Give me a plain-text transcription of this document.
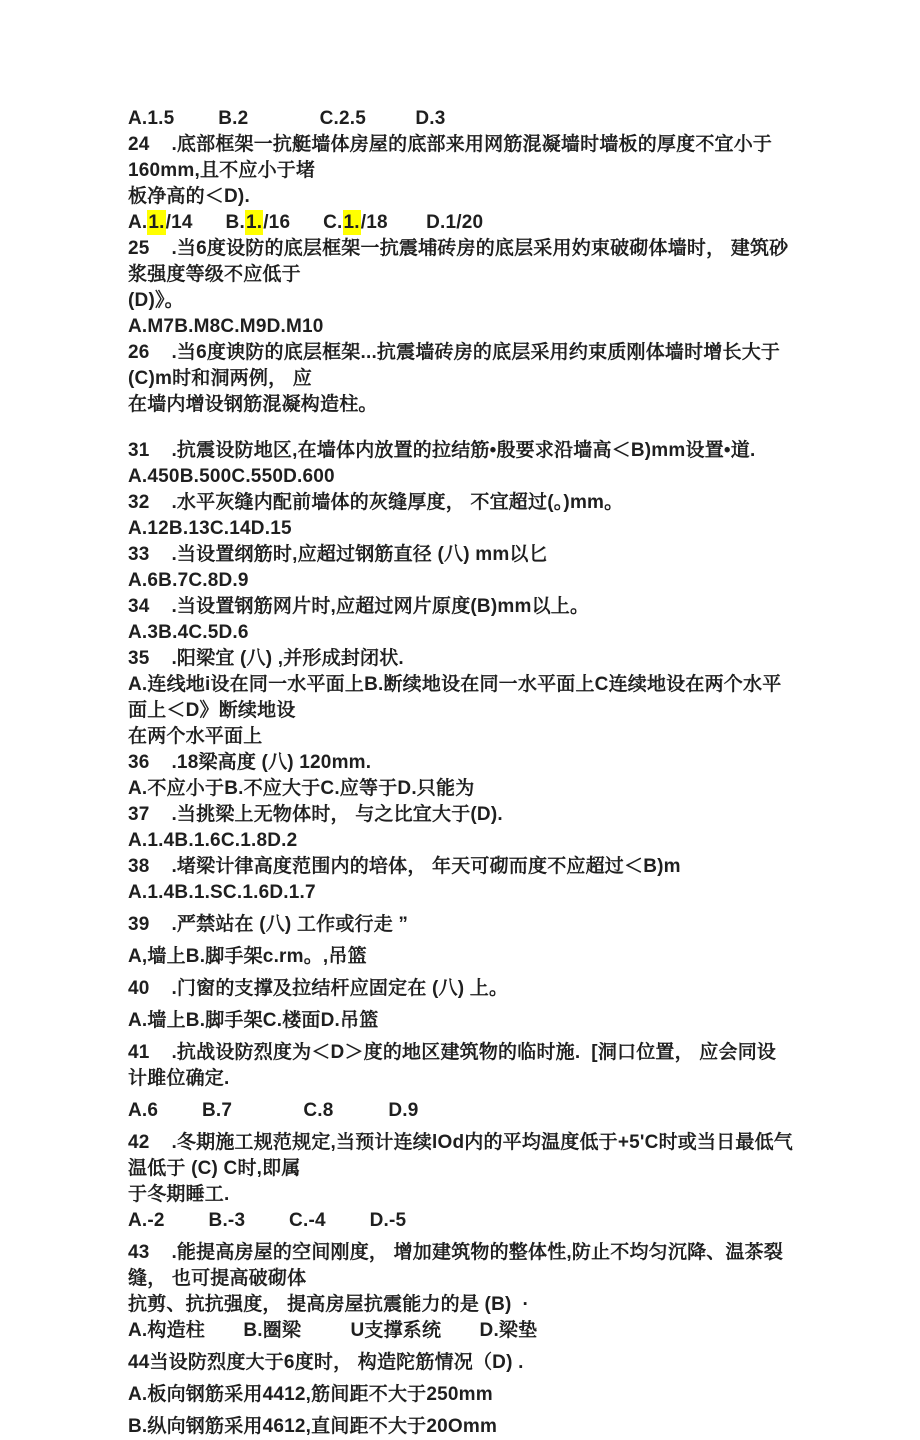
A.1.5        B.2             C.2.5         D.3
24    .底部框架一抗艇墙体房屋的底部来用网筋混凝墙时墙板的厚度不宜小于160mm,且不应小于堵
板净高的＜D).
A.1./14      B.1./16      C.1./18       D.1/20
25    .当6度设防的底层框架一抗震埔砖房的底层采用妁束破砌体墙时， 建筑砂浆强度等级不应低于
(D)》。
A.M7B.M8C.M9D.M10
26    .当6度谀防的底层框架...抗震墙砖房的底层采用约束质刚体墙时增长大于(C)m时和洞两例， 应
在墙内增设钢筋混凝构造柱。
31    .抗震设防地区,在墙体内放置的拉结筋•殷要求沿墙高＜B)mm设置•道.
A.450B.500C.550D.600
32    .水平灰缝内配前墙体的灰缝厚度， 不宜超过(。)mm。
A.12B.13C.14D.15
33    .当设置纲筋时,应超过钢筋直径 (八) mm以匕
A.6B.7C.8D.9
34    .当设置钢筋网片时,应超过网片原度(B)mm以上。
A.3B.4C.5D.6
35    .阳梁宜 (八) ,并形成封闭状.
A.连线地i设在同一水平面上B.断续地设在同一水平面上C连续地设在两个水平面上＜D》断续地设
在两个水平面上
36    .18梁高度 (八) 120mm.
A.不应小于B.不应大于C.应等于D.只能为
37    .当挑梁上无物体时， 与之比宜大于(D).
A.1.4B.1.6C.1.8D.2
38    .堵梁计律高度范围内的培体， 年天可砌而度不应超过＜B)m
A.1.4B.1.SC.1.6D.1.7
39    .严禁站在 (八) 工作或行走 ”
A,墙上B.脚手架c.rm。,吊篮
40    .门窗的支撑及拉结杆应固定在 (八) 上。
A.墙上B.脚手架C.楼面D.吊篮
41    .抗战设防烈度为＜D＞度的地区建筑物的临时施.  [洞口位置， 应会同设计雎位确定.
A.6        B.7             C.8          D.9
42    .冬期施工规范规定,当预计连续lOd内的平均温度低于+5'C时或当日最低气温低于 (C) C时,即属
于冬期睡工.
A.-2        B.-3        C.-4        D.-5
43    .能提高房屋的空间刚度， 增加建筑物的整体性,防止不均匀沉降、温茶裂缝， 也可提高破砌体
抗剪、抗抗强度， 提高房屋抗震能力的是 (B)  ·
A.构造柱       B.圈梁         U支撑系统       D.梁垫
44当设防烈度大于6度时， 构造陀筋情况（D) .
A.板向钢筋采用4412,筋间距不大于250mm
B.纵向钢筋采用4612,直间距不大于20Omm
